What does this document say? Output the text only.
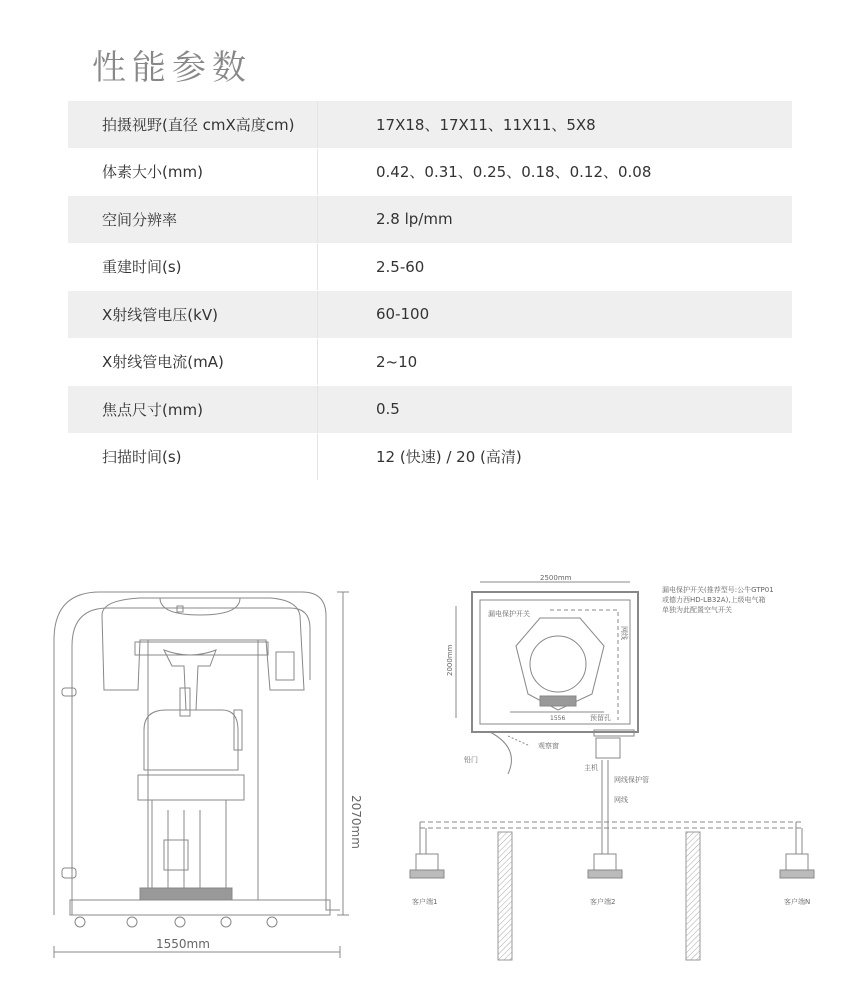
性能参数
拍摄视野(直径 cmX高度cm)	17X18、17X11、11X11、5X8
体素大小(mm)	0.42、0.31、0.25、0.18、0.12、0.08
空间分辨率	2.8 lp/mm
重建时间(s)	2.5-60
X射线管电压(kV)	60-100
X射线管电流(mA)	2~10
焦点尺寸(mm)	0.5
扫描时间(s)	12 (快速) / 20 (高清)
1550mm
2070mm
2500mm
2000mm
1556
漏电保护开关
漏电保护开关(推荐型号:公牛GTP01
或德力西HD-LB32A),上级电气箱
单独为此配置空气开关
网线
预留孔
观察窗
铅门
主机
网线保护管
网线
客户端1	客户端2	客户端N
